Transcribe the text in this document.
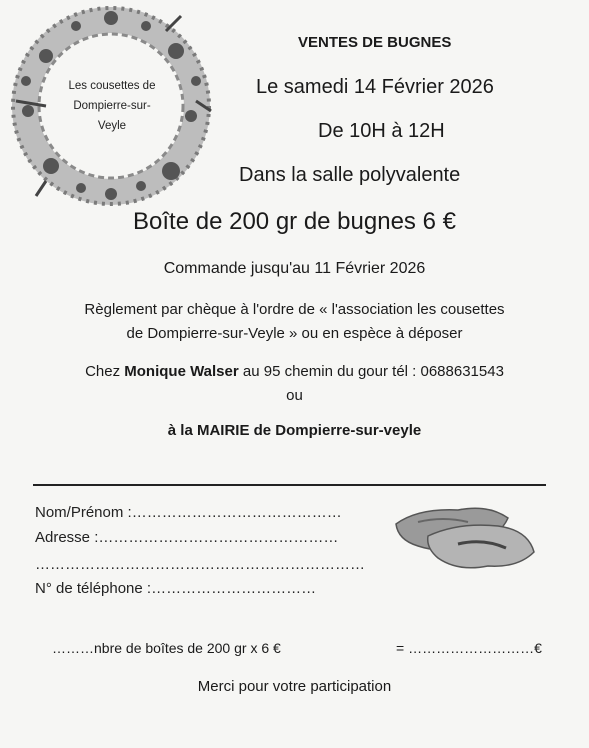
Les cousettes de
Dompierre-sur-
Veyle
VENTES DE BUGNES
Le samedi 14 Février 2026
De 10H à 12H
Dans la salle polyvalente
Boîte de 200 gr de bugnes 6 €
Commande jusqu'au 11 Février 2026
Règlement par chèque à l'ordre de « l'association les cousettes
de Dompierre-sur-Veyle » ou en espèce à déposer
Chez Monique Walser au 95 chemin du gour tél : 0688631543
ou
à la MAIRIE de Dompierre-sur-veyle
Nom/Prénom :……………………………………
Adresse :…………………………………………
…………………………………………………………
N° de téléphone :……………………………
………nbre de boîtes de 200 gr x 6 €	= ………………………€
Merci pour votre participation
